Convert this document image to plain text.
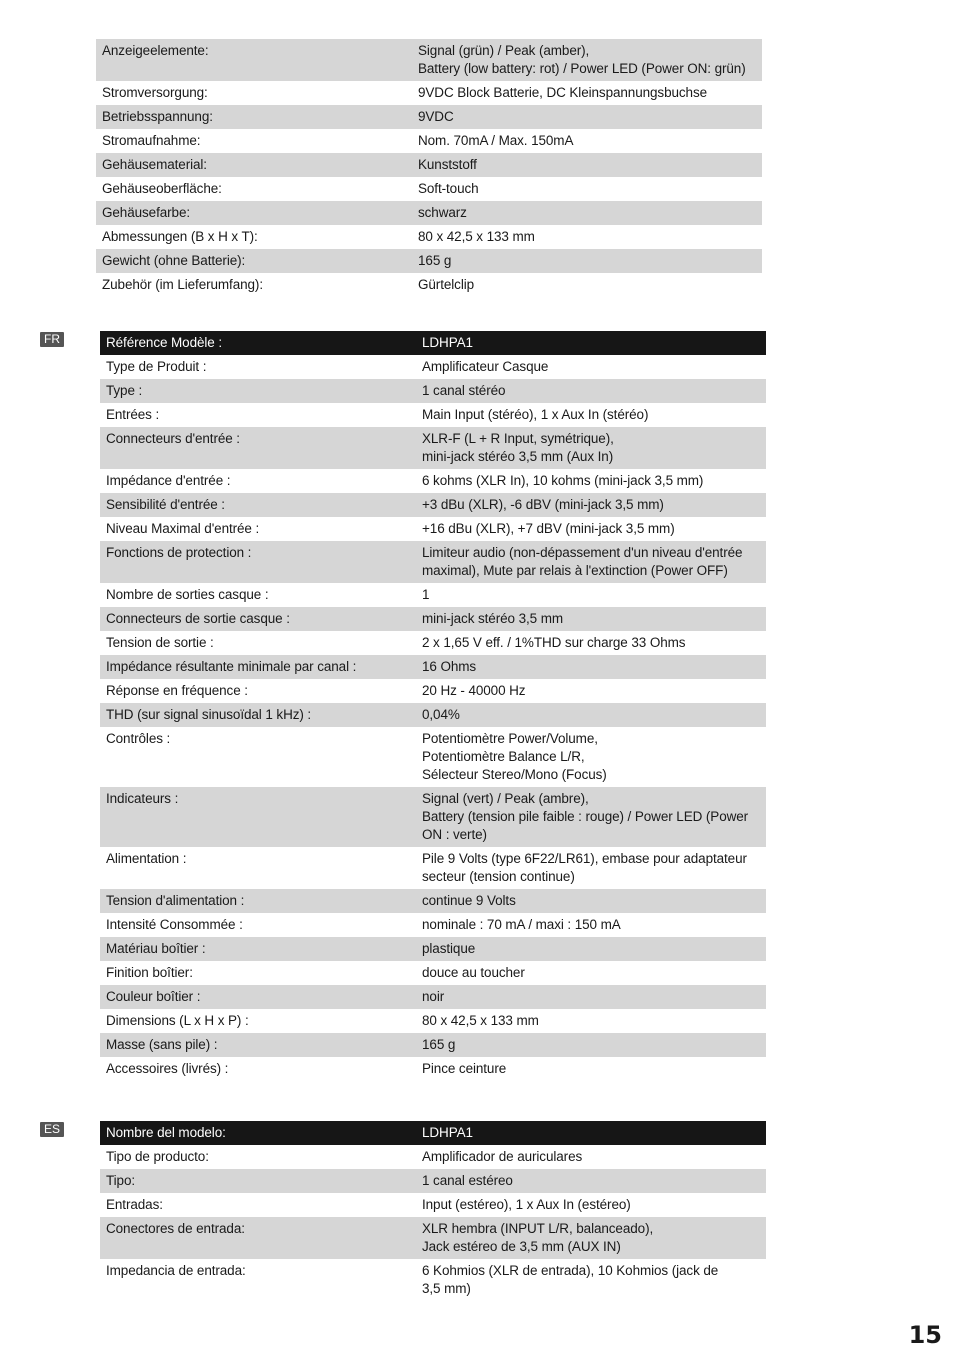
Anzeigeelemente:	Signal (grün) / Peak (amber),
Battery (low battery: rot) / Power LED (Power ON: grün)
Stromversorgung:	9VDC Block Batterie, DC Kleinspannungsbuchse
Betriebsspannung:	9VDC
Stromaufnahme:	Nom. 70mA / Max. 150mA
Gehäusematerial:	Kunststoff
Gehäuseoberfläche:	Soft-touch
Gehäusefarbe:	schwarz
Abmessungen (B x H x T):	80 x 42,5 x 133 mm
Gewicht (ohne Batterie):	165 g
Zubehör (im Lieferumfang):	Gürtelclip
FR	Référence Modèle :	LDHPA1
Type de Produit :	Amplificateur Casque
Type :	1 canal stéréo
Entrées :	Main Input (stéréo), 1 x Aux In (stéréo)
Connecteurs d'entrée :	XLR-F (L + R Input, symétrique),
mini-jack stéréo 3,5 mm (Aux In)
Impédance d'entrée :	6 kohms (XLR In), 10 kohms (mini-jack 3,5 mm)
Sensibilité d'entrée :	+3 dBu (XLR), -6 dBV (mini-jack 3,5 mm)
Niveau Maximal d'entrée :	+16 dBu (XLR), +7 dBV (mini-jack 3,5 mm)
Fonctions de protection :	Limiteur audio (non-dépassement d'un niveau d'entrée
maximal), Mute par relais à l'extinction (Power OFF)
Nombre de sorties casque :	1
Connecteurs de sortie casque :	mini-jack stéréo 3,5 mm
Tension de sortie :	2 x 1,65 V eff. / 1%THD sur charge 33 Ohms
Impédance résultante minimale par canal :	16 Ohms
Réponse en fréquence :	20 Hz - 40000 Hz
THD (sur signal sinusoïdal 1 kHz) :	0,04%
Contrôles :	Potentiomètre Power/Volume,
Potentiomètre Balance L/R,
Sélecteur Stereo/Mono (Focus)
Indicateurs :	Signal (vert) / Peak (ambre),
Battery (tension pile faible : rouge) / Power LED (Power
ON : verte)
Alimentation :	Pile 9 Volts (type 6F22/LR61), embase pour adaptateur
secteur (tension continue)
Tension d'alimentation :	continue 9 Volts
Intensité Consommée :	nominale : 70 mA / maxi : 150 mA
Matériau boîtier :	plastique
Finition boîtier:	douce au toucher
Couleur boîtier :	noir
Dimensions (L x H x P) :	80 x 42,5 x 133 mm
Masse (sans pile) :	165 g
Accessoires (livrés) :	Pince ceinture
ES	Nombre del modelo:	LDHPA1
Tipo de producto:	Amplificador de auriculares
Tipo:	1 canal estéreo
Entradas:	Input (estéreo), 1 x Aux In (estéreo)
Conectores de entrada:	XLR hembra (INPUT L/R, balanceado),
Jack estéreo de 3,5 mm (AUX IN)
Impedancia de entrada:	6 Kohmios (XLR de entrada), 10 Kohmios (jack de
3,5 mm)
15
